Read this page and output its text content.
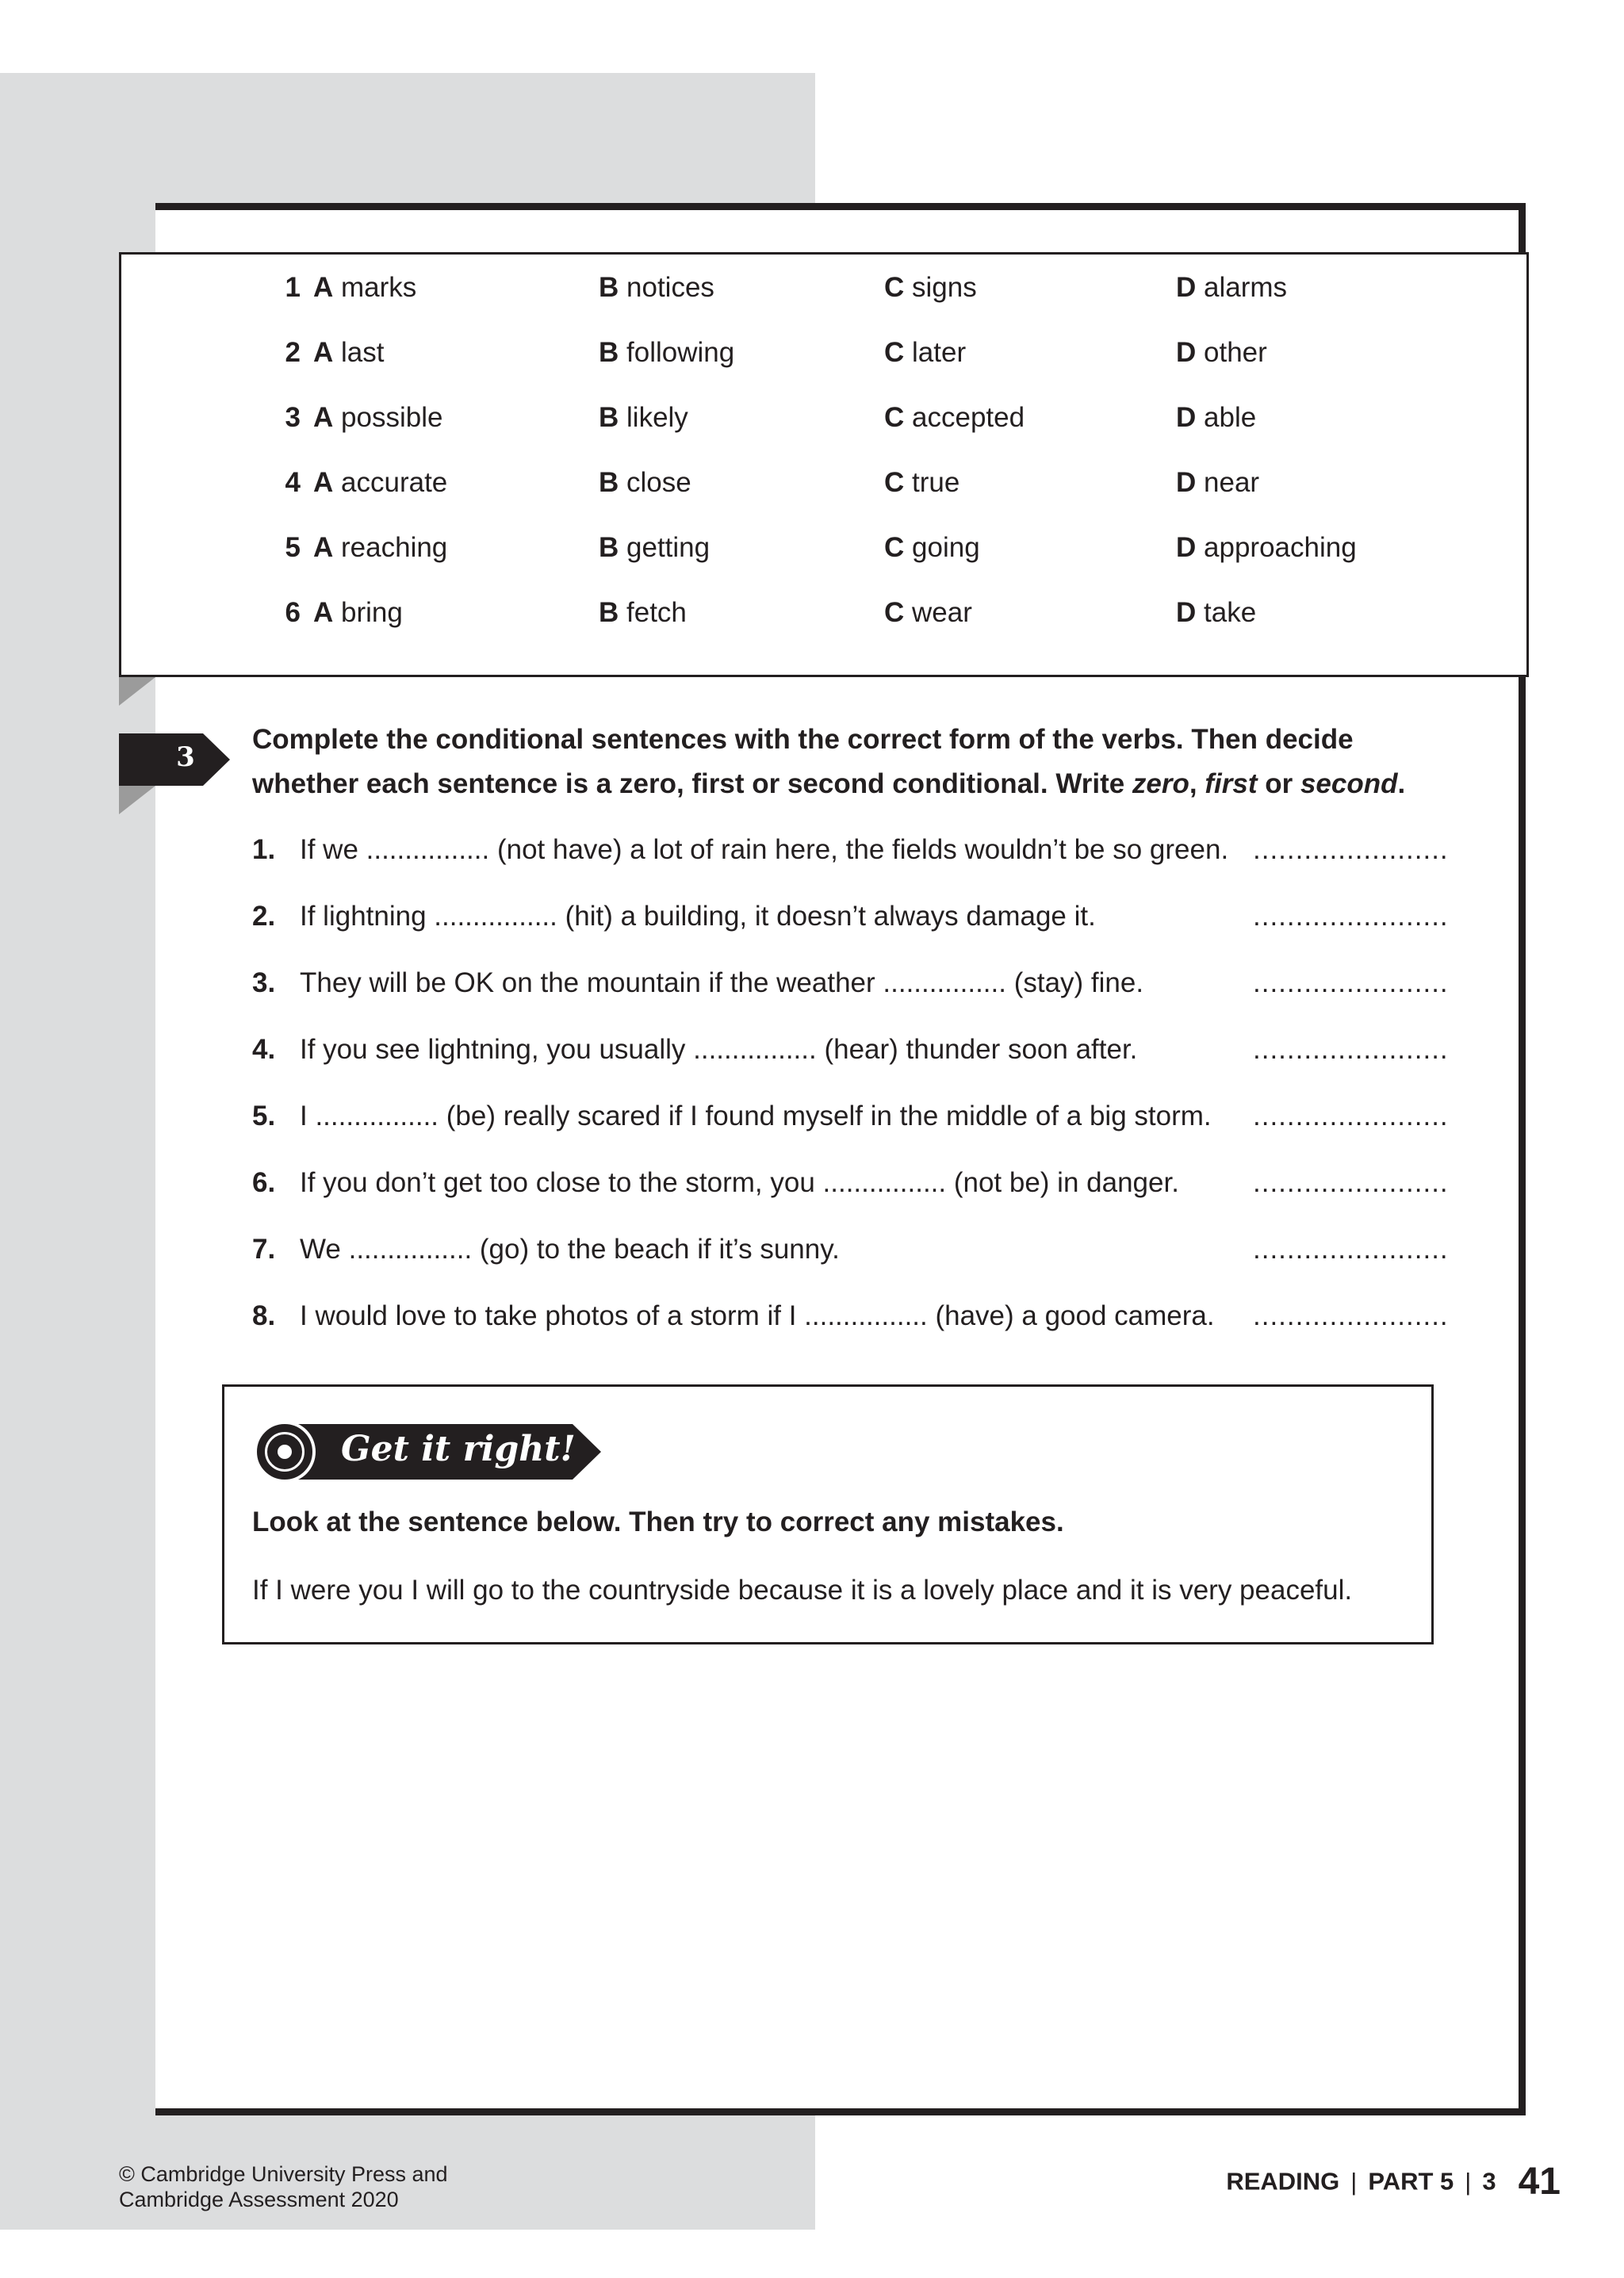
1 A marks	B notices	C signs	D alarms
2 A last	B following	C later	D other
3 A possible	B likely	C accepted	D able
4 A accurate	B close	C true	D near
5 A reaching	B getting	C going	D approaching
6 A bring	B fetch	C wear	D take
3
Complete the conditional sentences with the correct form of the verbs. Then decide whether each sentence is a zero, first or second conditional. Write zero, first or second.
1. If we ................ (not have) a lot of rain here, the fields wouldn’t be so green. .......................
2. If lightning ................ (hit) a building, it doesn’t always damage it.	.......................
3. They will be OK on the mountain if the weather ................ (stay) fine.	.......................
4. If you see lightning, you usually ................ (hear) thunder soon after.	.......................
5. I ................ (be) really scared if I found myself in the middle of a big storm. .......................
6. If you don’t get too close to the storm, you ................ (not be) in danger.	.......................
7. We ................ (go) to the beach if it’s sunny.	.......................
8. I would love to take photos of a storm if I ................ (have) a good camera. .......................
Get it right!
Look at the sentence below. Then try to correct any mistakes.
If I were you I will go to the countryside because it is a lovely place and it is very peaceful.
© Cambridge University Press and
Cambridge Assessment 2020
READING | PART 5 | 3 41
